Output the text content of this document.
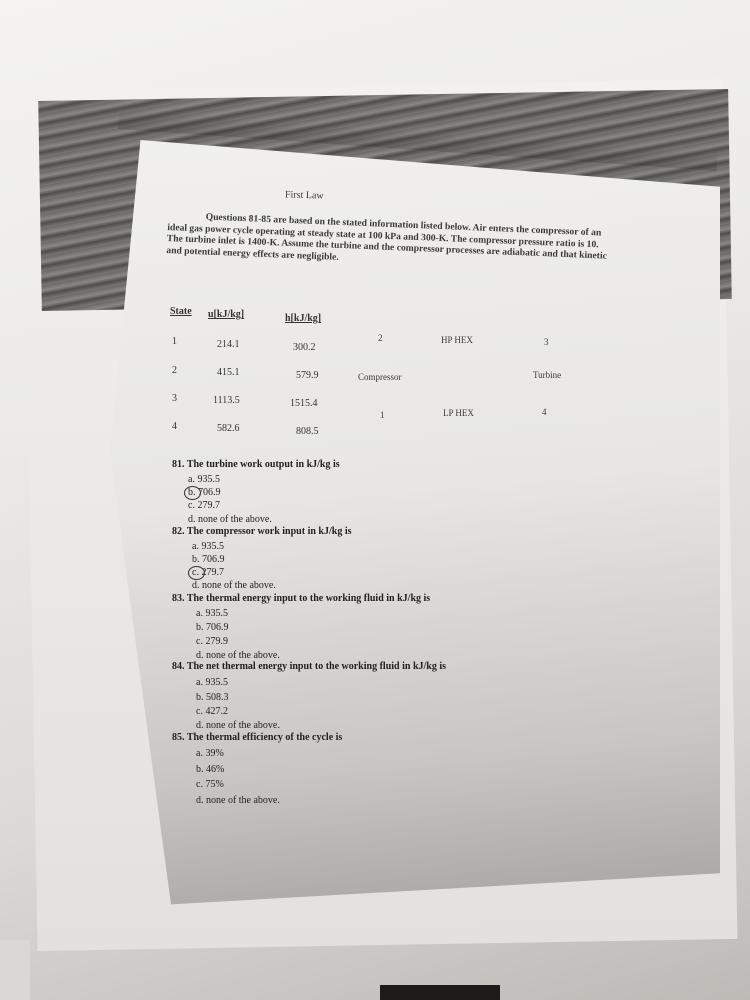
First Law
Questions 81-85 are based on the stated information listed below. Air enters the compressor of an ideal gas power cycle operating at steady state at 100 kPa and 300-K. The compressor pressure ratio is 10. The turbine inlet is 1400-K. Assume the turbine and the compressor processes are adiabatic and that kinetic and potential energy effects are negligible.
State u[kJ/kg]	h[kJ/kg]
1	214.1	300.2
2	415.1	579.9
3	1113.5	1515.4
4	582.6	808.5
2	HP HEX	3
Compressor	Turbine
1	LP HEX	4
81. The turbine work output in kJ/kg is
a. 935.5
b. 706.9
c. 279.7
d. none of the above.
82. The compressor work input in kJ/kg is
a. 935.5
b. 706.9
c. 279.7
d. none of the above.
83. The thermal energy input to the working fluid in kJ/kg is
a. 935.5
b. 706.9
c. 279.9
d. none of the above.
84. The net thermal energy input to the working fluid in kJ/kg is
a. 935.5
b. 508.3
c. 427.2
d. none of the above.
85. The thermal efficiency of the cycle is
a. 39%
b. 46%
c. 75%
d. none of the above.
